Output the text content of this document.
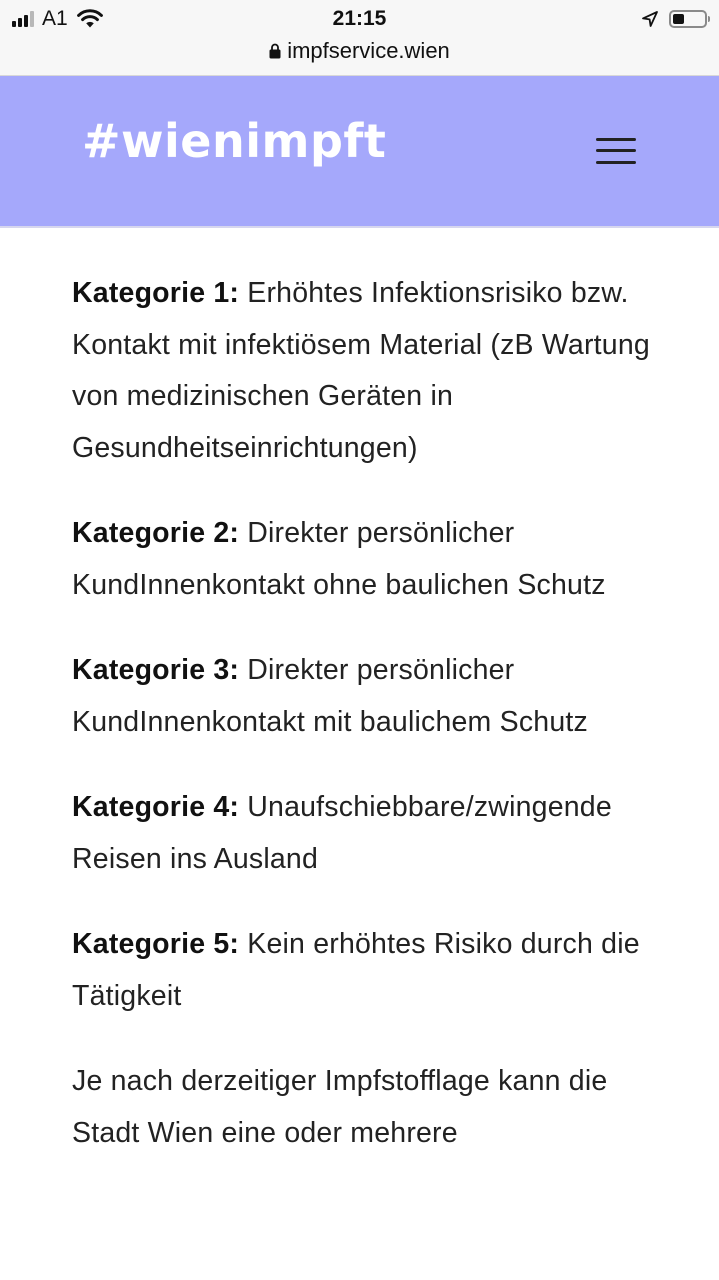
A1	21:15
impfservice.wien
#wienimpft

Kategorie 1: Erhöhtes Infektionsrisiko bzw. Kontakt mit infektiösem Material (zB Wartung von medizinischen Geräten in Gesundheitseinrichtungen)

Kategorie 2: Direkter persönlicher KundInnenkontakt ohne baulichen Schutz

Kategorie 3: Direkter persönlicher KundInnenkontakt mit baulichem Schutz

Kategorie 4: Unaufschiebbare/zwingende Reisen ins Ausland

Kategorie 5: Kein erhöhtes Risiko durch die Tätigkeit

Je nach derzeitiger Impfstofflage kann die Stadt Wien eine oder mehrere
